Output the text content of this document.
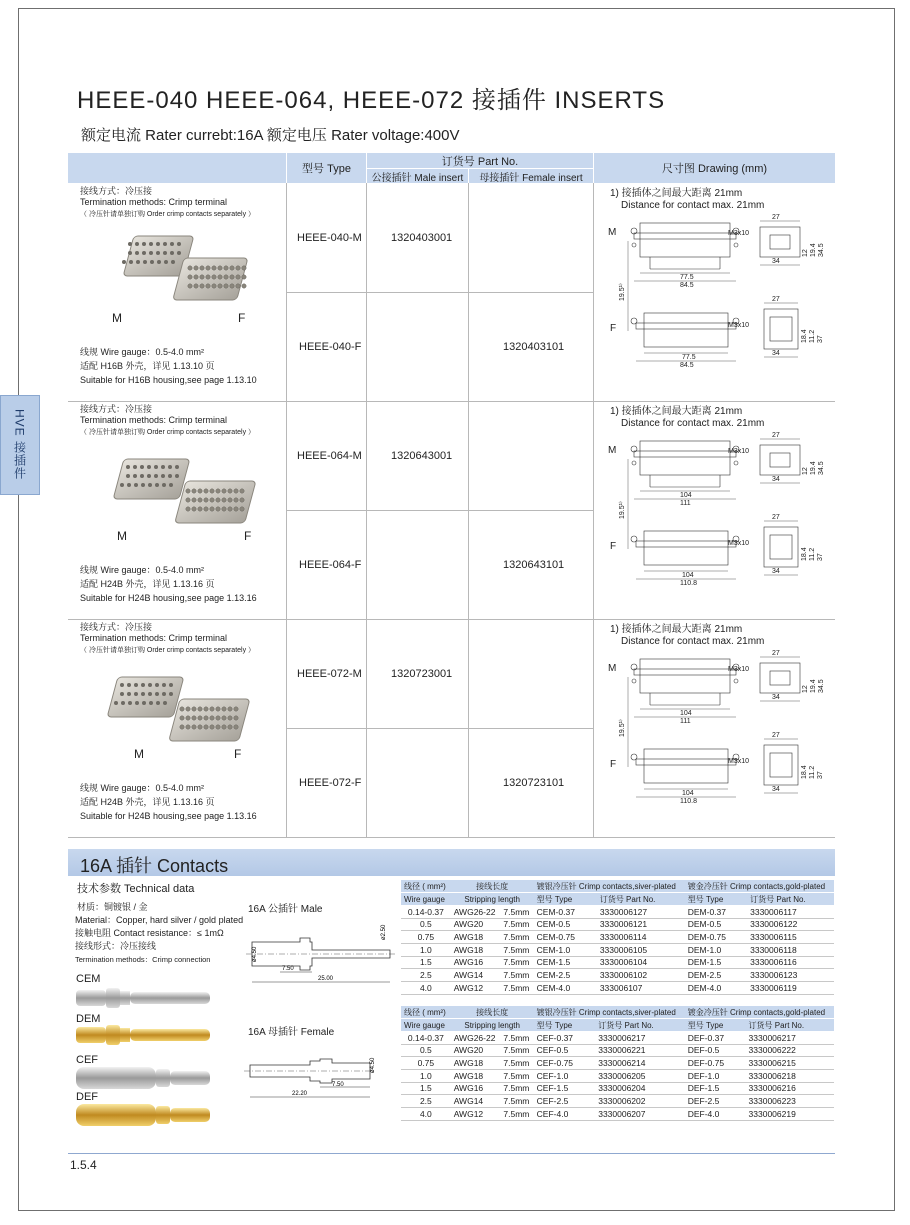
HVE 接插件
HEEE-040 HEEE-064, HEEE-072 接插件 INSERTS
额定电流 Rater currebt:16A 额定电压 Rater voltage:400V
型号 Type
订货号 Part No.
公接插针 Male insert	母接插针 Female insert
尺寸图 Drawing (mm)
接线方式：冷压接
Termination methods: Crimp terminal
（ 冷压针请单独订购 Order crimp contacts separately ）
M	F
线规 Wire gauge：0.5-4.0 mm²
适配 H16B 外壳，详见 1.13.10 页
Suitable for H16B housing,see page 1.13.10
HEEE-040-M	1320403001
HEEE-040-F	1320403101
1) 接插体之间最大距离 21mm
Distance for contact max. 21mm
M
F
27
M3x10
34
77.5
84.5
19.5¹⁾
12 19.4 34.5
27
M3x10
34
18.4 11.2 37
77.5
84.5
接线方式：冷压接
Termination methods: Crimp terminal
（ 冷压针请单独订购 Order crimp contacts separately ）
M	F
线规 Wire gauge：0.5-4.0 mm²
适配 H24B 外壳，详见 1.13.16 页
Suitable for H24B housing,see page 1.13.16
HEEE-064-M	1320643001
HEEE-064-F	1320643101
1) 接插体之间最大距离 21mm
Distance for contact max. 21mm
M
F
27
M3x10
34
104
111
19.5¹⁾
12 19.4 34.5
27
M3x10
34
18.4 11.2 37
104
110.8
接线方式：冷压接
Termination methods: Crimp terminal
（ 冷压针请单独订购 Order crimp contacts separately ）
M	F
线规 Wire gauge：0.5-4.0 mm²
适配 H24B 外壳，详见 1.13.16 页
Suitable for H24B housing,see page 1.13.16
HEEE-072-M	1320723001
HEEE-072-F	1320723101
1) 接插体之间最大距离 21mm
Distance for contact max. 21mm
M
F
27
M3x10
34
104
111
19.5¹⁾
12 19.4 34.5
27
M3x10
34
18.4 11.2 37
104
110.8
16A 插针 Contacts
技术参数 Technical data
材质：铜镀银 / 金
Material：Copper, hard silver / gold plated
接触电阻 Contact resistance：≤ 1mΩ
接线形式：冷压接线
Termination methods：Crimp connection
CEM
DEM
CEF
DEF
16A 公插针 Male
ø2.50
ø4.50
7.50
25.00
16A 母插针 Female
ø4.50
7.50
22.20
线径 ( mm²)	接线长度		镀银冷压针 Crimp contacts,siver-plated		镀金冷压针 Crimp contacts,gold-plated	
Wire gauge	Stripping length		型号 Type	订货号 Part No.	型号 Type	订货号 Part No.
0.14-0.37	AWG26-22	7.5mm	CEM-0.37	3330006127	DEM-0.37	3330006117
0.5	AWG20	7.5mm	CEM-0.5	3330006121	DEM-0.5	3330006122
0.75	AWG18	7.5mm	CEM-0.75	3330006114	DEM-0.75	3330006115
1.0	AWG18	7.5mm	CEM-1.0	3330006105	DEM-1.0	3330006118
1.5	AWG16	7.5mm	CEM-1.5	3330006104	DEM-1.5	3330006116
2.5	AWG14	7.5mm	CEM-2.5	3330006102	DEM-2.5	3330006123
4.0	AWG12	7.5mm	CEM-4.0	333006107	DEM-4.0	3330006119
线径 ( mm²)	接线长度		镀银冷压针 Crimp contacts,siver-plated		镀金冷压针 Crimp contacts,gold-plated	
Wire gauge	Stripping length		型号 Type	订货号 Part No.	型号 Type	订货号 Part No.
0.14-0.37	AWG26-22	7.5mm	CEF-0.37	3330006217	DEF-0.37	3330006217
0.5	AWG20	7.5mm	CEF-0.5	3330006221	DEF-0.5	3330006222
0.75	AWG18	7.5mm	CEF-0.75	3330006214	DEF-0.75	3330006215
1.0	AWG18	7.5mm	CEF-1.0	3330006205	DEF-1.0	3330006218
1.5	AWG16	7.5mm	CEF-1.5	3330006204	DEF-1.5	3330006216
2.5	AWG14	7.5mm	CEF-2.5	3330006202	DEF-2.5	3330006223
4.0	AWG12	7.5mm	CEF-4.0	3330006207	DEF-4.0	3330006219
1.5.4
